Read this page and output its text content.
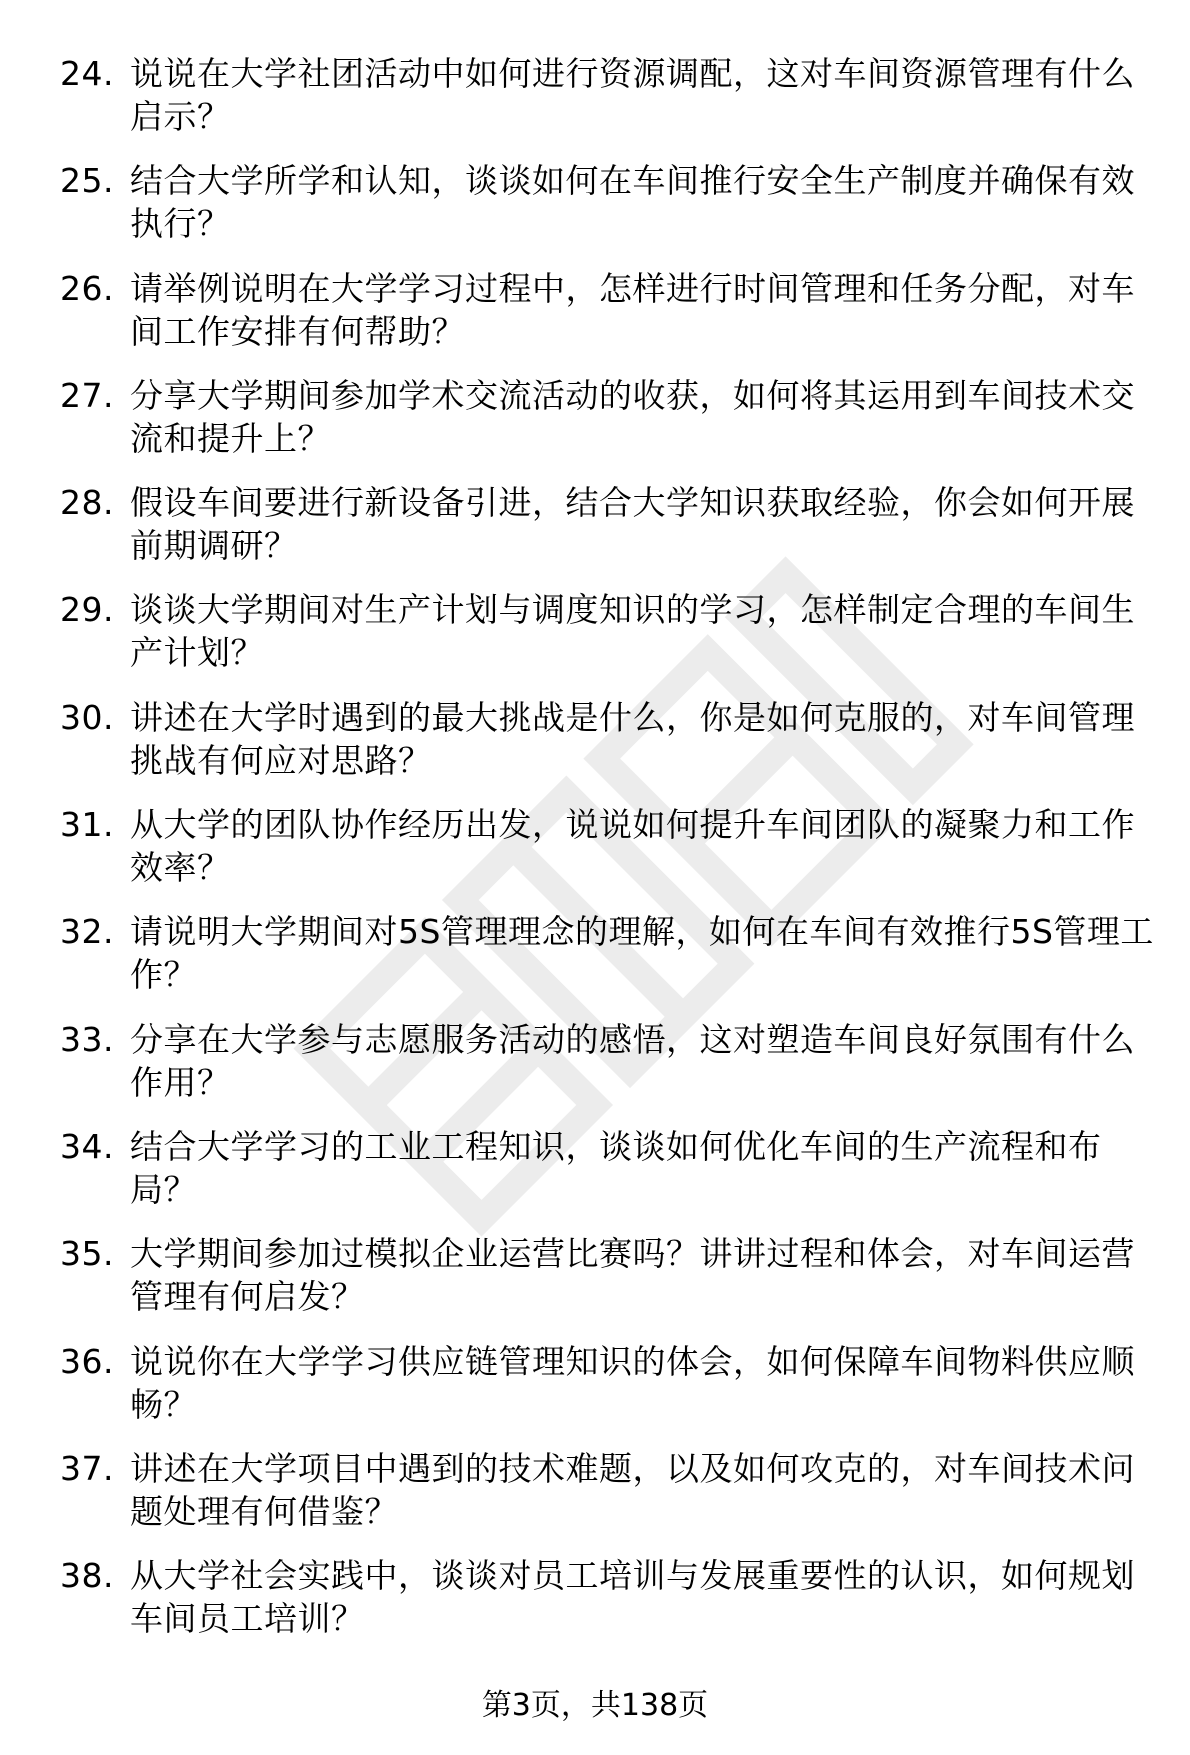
24. 说说在大学社团活动中如何进行资源调配，这对车间资源管理有什么启示？
25. 结合大学所学和认知，谈谈如何在车间推行安全生产制度并确保有效执行？
26. 请举例说明在大学学习过程中，怎样进行时间管理和任务分配，对车间工作安排有何帮助？
27. 分享大学期间参加学术交流活动的收获，如何将其运用到车间技术交流和提升上？
28. 假设车间要进行新设备引进，结合大学知识获取经验，你会如何开展前期调研？
29. 谈谈大学期间对生产计划与调度知识的学习，怎样制定合理的车间生产计划？
30. 讲述在大学时遇到的最大挑战是什么，你是如何克服的，对车间管理挑战有何应对思路？
31. 从大学的团队协作经历出发，说说如何提升车间团队的凝聚力和工作效率？
32. 请说明大学期间对5S管理理念的理解，如何在车间有效推行5S管理工作？
33. 分享在大学参与志愿服务活动的感悟，这对塑造车间良好氛围有什么作用？
34. 结合大学学习的工业工程知识，谈谈如何优化车间的生产流程和布局？
35. 大学期间参加过模拟企业运营比赛吗？讲讲过程和体会，对车间运营管理有何启发？
36. 说说你在大学学习供应链管理知识的体会，如何保障车间物料供应顺畅？
37. 讲述在大学项目中遇到的技术难题，以及如何攻克的，对车间技术问题处理有何借鉴？
38. 从大学社会实践中，谈谈对员工培训与发展重要性的认识，如何规划车间员工培训？
第3页，共138页
